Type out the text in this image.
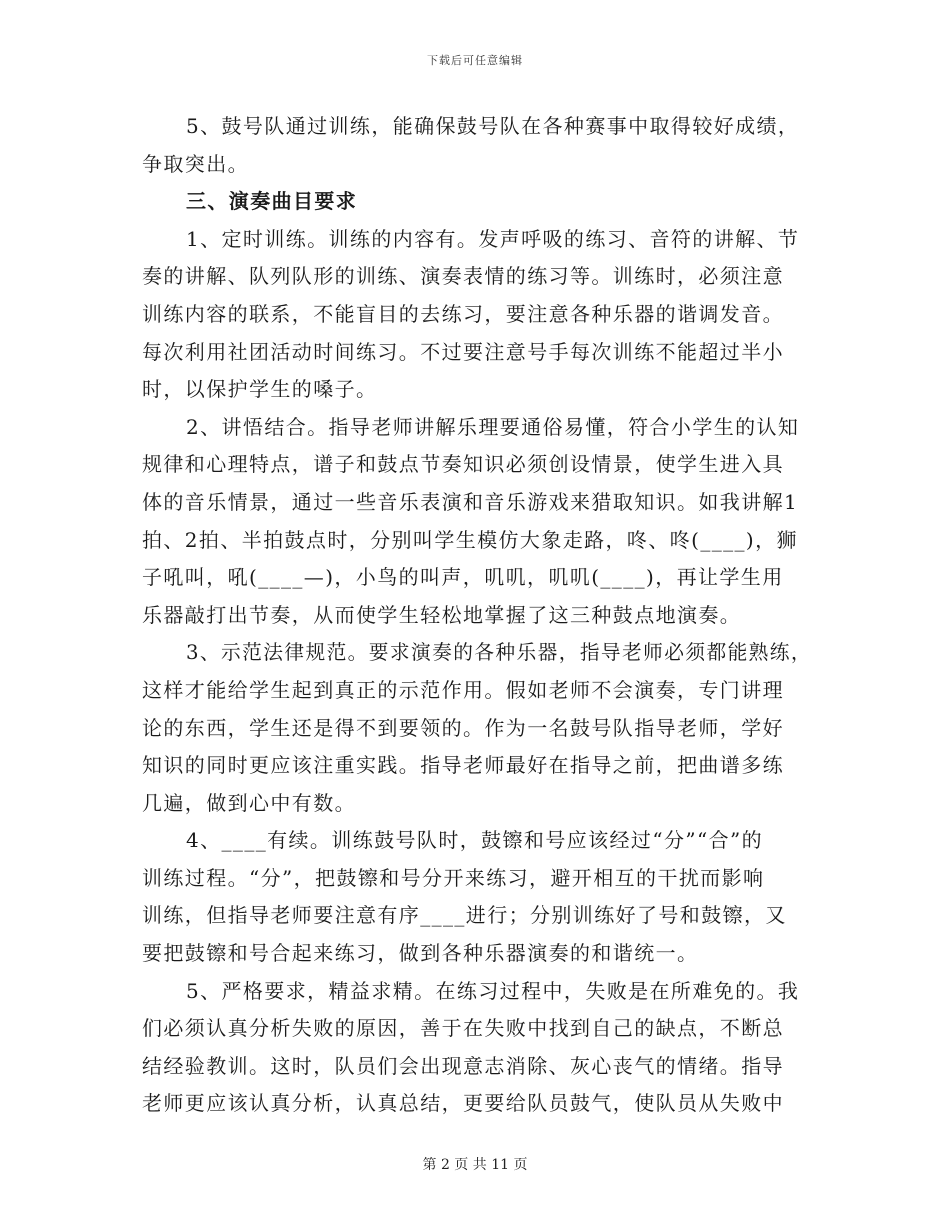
下载后可任意编辑
5、鼓号队通过训练，能确保鼓号队在各种赛事中取得较好成绩，
争取突出。
三、演奏曲目要求
1、定时训练。训练的内容有。发声呼吸的练习、音符的讲解、节
奏的讲解、队列队形的训练、演奏表情的练习等。训练时，必须注意
训练内容的联系，不能盲目的去练习，要注意各种乐器的谐调发音。
每次利用社团活动时间练习。不过要注意号手每次训练不能超过半小
时，以保护学生的嗓子。
2、讲悟结合。指导老师讲解乐理要通俗易懂，符合小学生的认知
规律和心理特点，谱子和鼓点节奏知识必须创设情景，使学生进入具
体的音乐情景，通过一些音乐表演和音乐游戏来猎取知识。如我讲解1
拍、2拍、半拍鼓点时，分别叫学生模仿大象走路，咚、咚(____)，狮
子吼叫，吼(____—)，小鸟的叫声，叽叽，叽叽(____)，再让学生用
乐器敲打出节奏，从而使学生轻松地掌握了这三种鼓点地演奏。
3、示范法律规范。要求演奏的各种乐器，指导老师必须都能熟练，
这样才能给学生起到真正的示范作用。假如老师不会演奏，专门讲理
论的东西，学生还是得不到要领的。作为一名鼓号队指导老师，学好
知识的同时更应该注重实践。指导老师最好在指导之前，把曲谱多练
几遍，做到心中有数。
4、____有续。训练鼓号队时，鼓镲和号应该经过“分”“合”的
训练过程。“分”，把鼓镲和号分开来练习，避开相互的干扰而影响
训练，但指导老师要注意有序____进行；分别训练好了号和鼓镲，又
要把鼓镲和号合起来练习，做到各种乐器演奏的和谐统一。
5、严格要求，精益求精。在练习过程中，失败是在所难免的。我
们必须认真分析失败的原因，善于在失败中找到自己的缺点，不断总
结经验教训。这时，队员们会出现意志消除、灰心丧气的情绪。指导
老师更应该认真分析，认真总结，更要给队员鼓气，使队员从失败中
第 2 页 共 11 页
